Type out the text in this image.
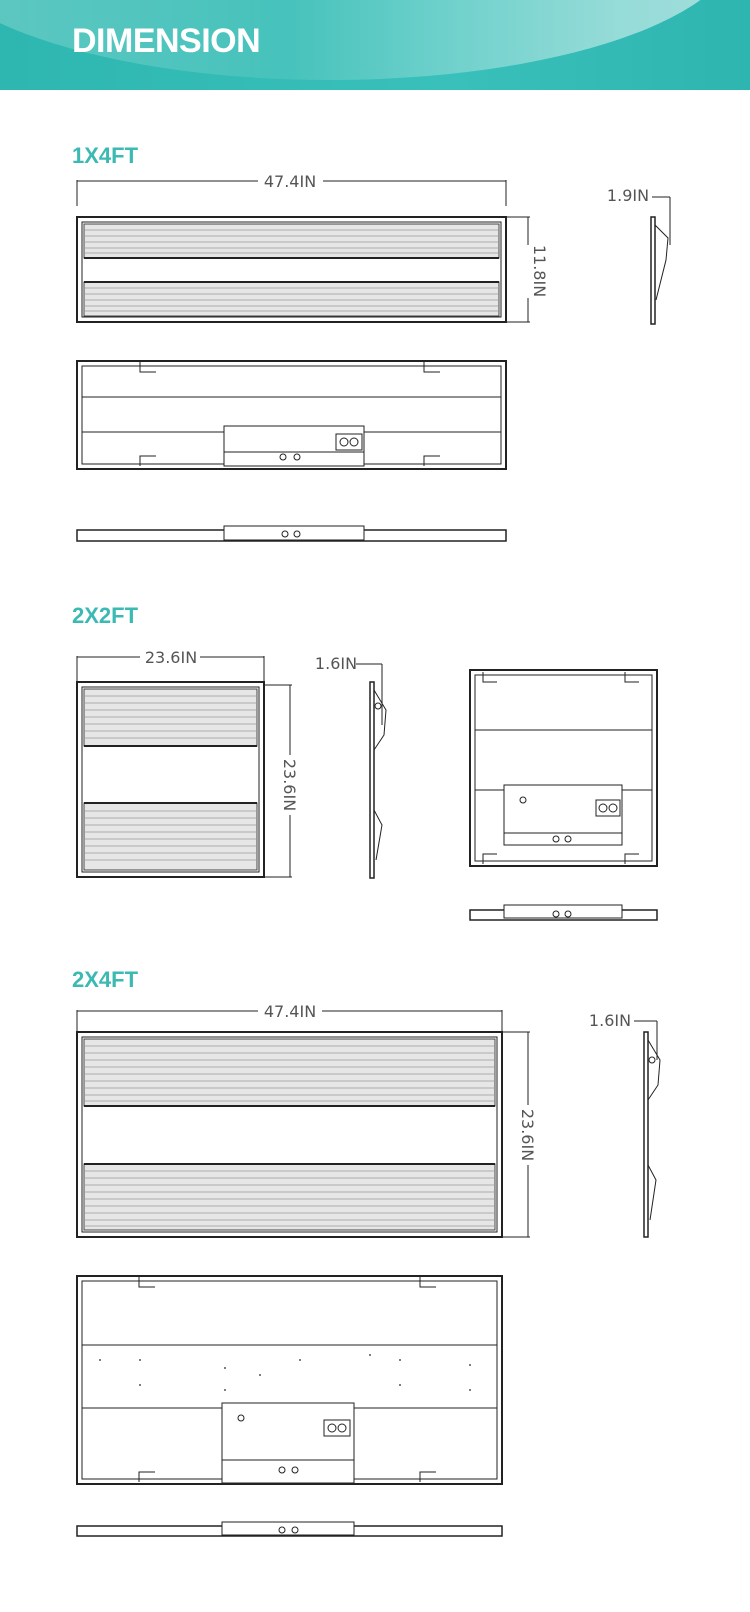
DIMENSION
1X4FT
47.4IN
11.8IN
1.9IN
2X2FT
23.6IN
23.6IN
1.6IN
2X4FT
47.4IN
23.6IN
1.6IN
